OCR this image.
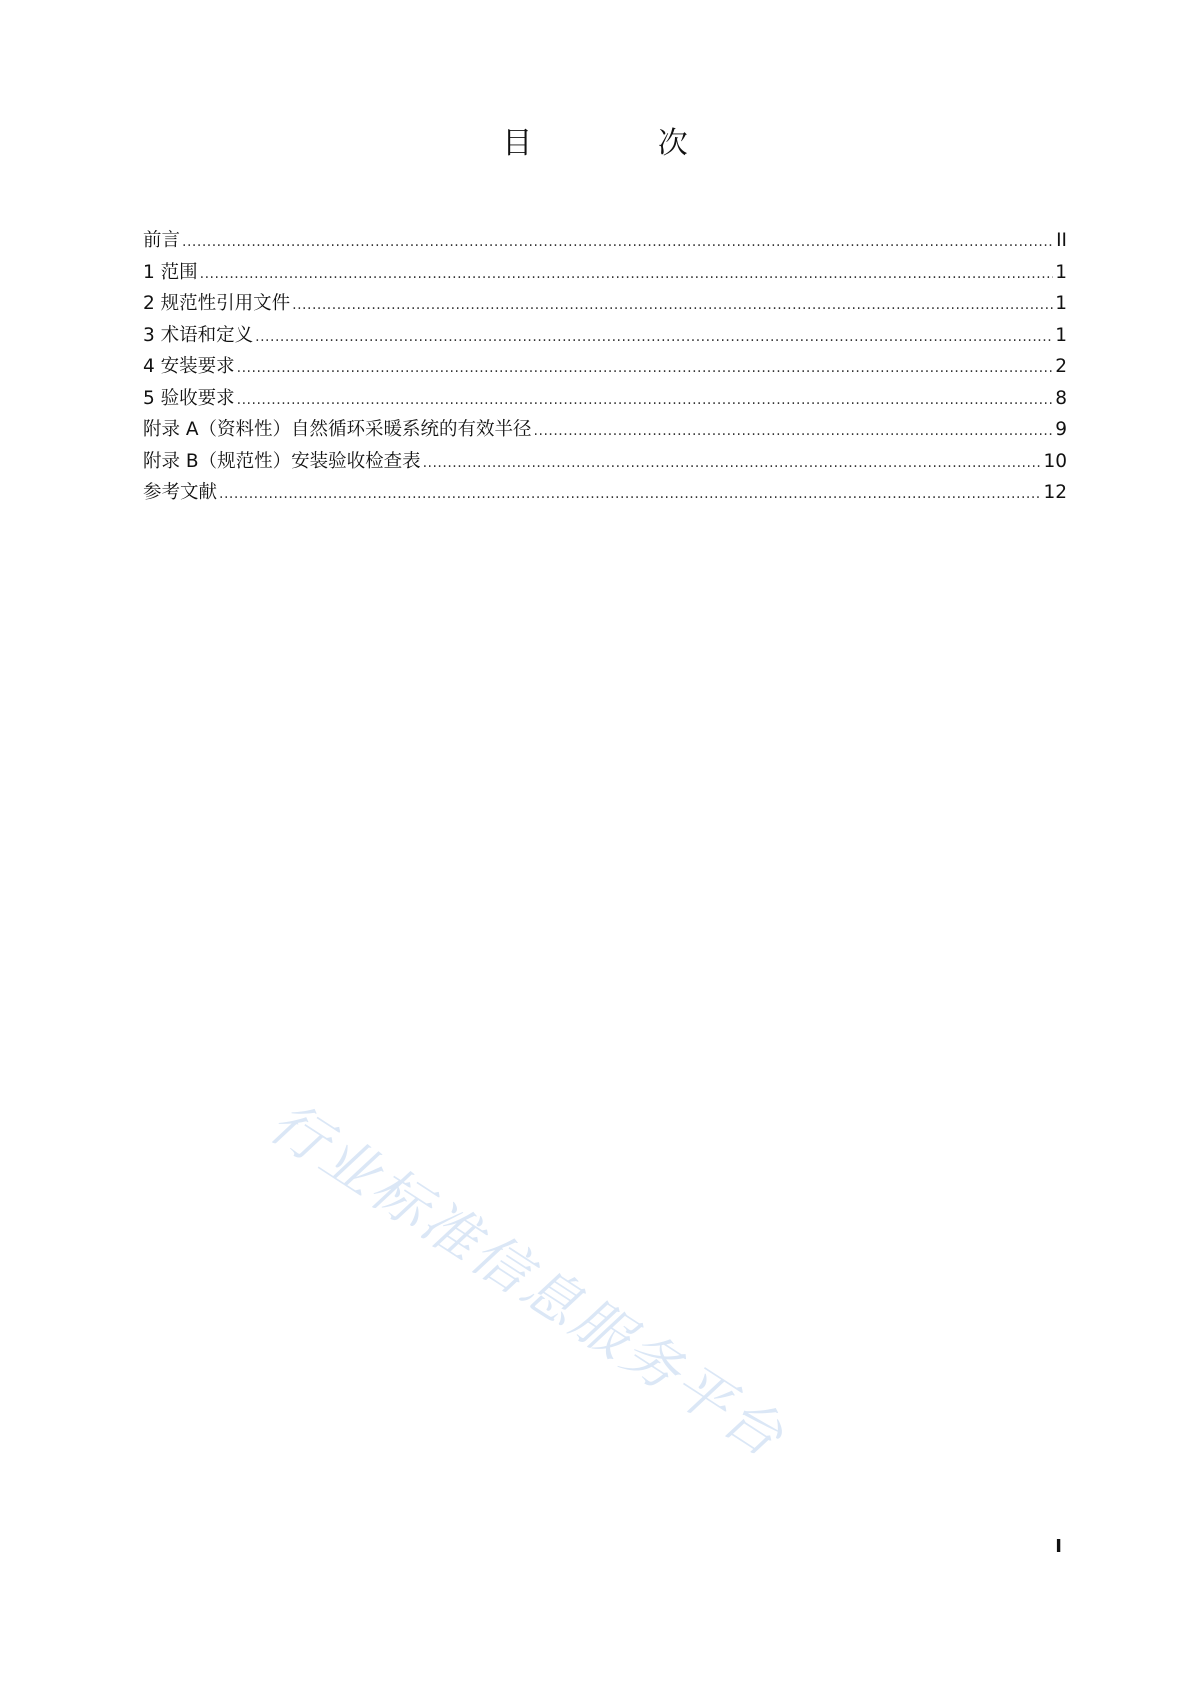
目 次
前言 .....	II
1 范围 .....	1
2 规范性引用文件 .....	1
3 术语和定义 .....	1
4 安装要求 .....	2
5 验收要求 .....	8
附录 A（资料性）自然循环采暖系统的有效半径 .....	9
附录 B（规范性）安装验收检查表 .....	10
参考文献 .....	12
行业标准信息服务平台
I
